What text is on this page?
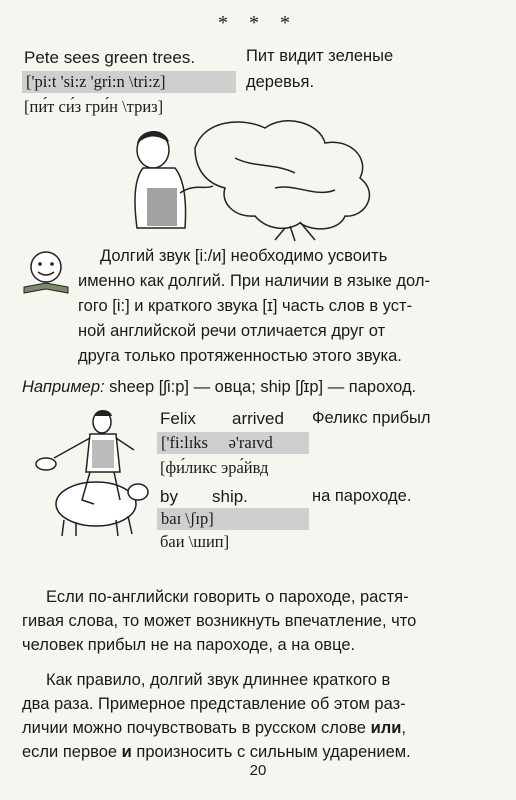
* * *
Pete sees green trees.
['pi:t 'si:z 'gri:n \tri:z]
[пи́т си́з гри́н \триз]
Пит видит зеленые
деревья.
Долгий звук [i:/и] необходимо усвоить
именно как долгий. При наличии в языке дол-
гого [i:] и краткого звука [ɪ] часть слов в уст-
ной английской речи отличается друг от
друга только протяженностью этого звука.
Например: sheep [ʃi:p] — овца; ship [ʃɪp] — пароход.
Felix arrived Феликс прибыл
['fi:lɪks     ə'raɪvd
[фи́ликс эра́йвд
by ship.	на пароходе.
baɪ \ʃɪp]
баи \шип]
Если по-английски говорить о пароходе, растя-
гивая слова, то может возникнуть впечатление, что
человек прибыл не на пароходе, а на овце.
Как правило, долгий звук длиннее краткого в
два раза. Примерное представление об этом раз-
личии можно почувствовать в русском слове или,
если первое и произносить с сильным ударением.
20
